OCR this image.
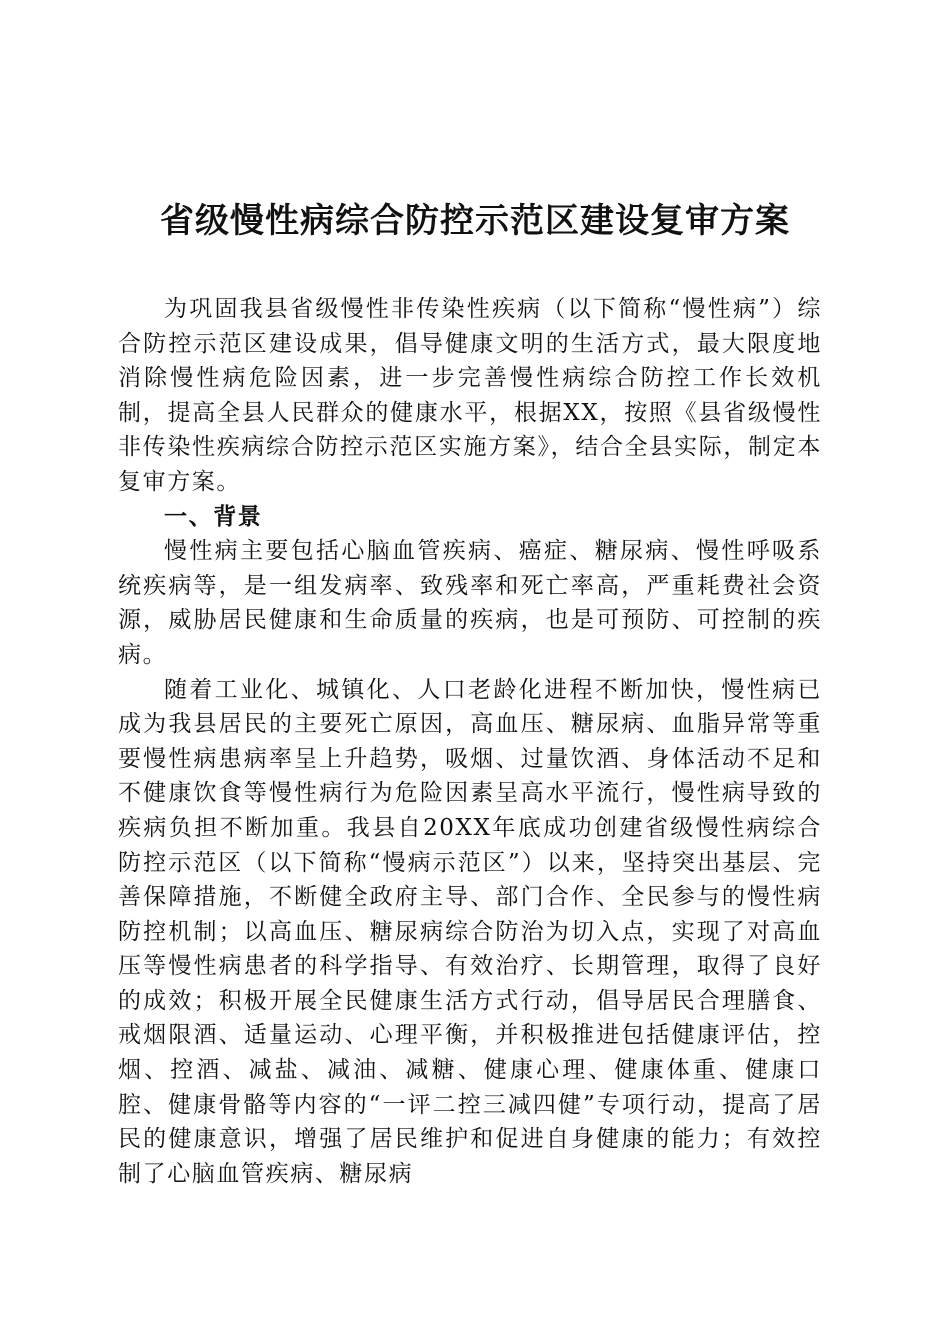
省级慢性病综合防控示范区建设复审方案

为巩固我县省级慢性非传染性疾病（以下简称“慢性病”）综合防控示范区建设成果，倡导健康文明的生活方式，最大限度地消除慢性病危险因素，进一步完善慢性病综合防控工作长效机制，提高全县人民群众的健康水平，根据XX，按照《县省级慢性非传染性疾病综合防控示范区实施方案》，结合全县实际，制定本复审方案。

一、背景

慢性病主要包括心脑血管疾病、癌症、糖尿病、慢性呼吸系统疾病等，是一组发病率、致残率和死亡率高，严重耗费社会资源，威胁居民健康和生命质量的疾病，也是可预防、可控制的疾病。

随着工业化、城镇化、人口老龄化进程不断加快，慢性病已成为我县居民的主要死亡原因，高血压、糖尿病、血脂异常等重要慢性病患病率呈上升趋势，吸烟、过量饮酒、身体活动不足和不健康饮食等慢性病行为危险因素呈高水平流行，慢性病导致的疾病负担不断加重。我县自20XX年底成功创建省级慢性病综合防控示范区（以下简称“慢病示范区”）以来，坚持突出基层、完善保障措施，不断健全政府主导、部门合作、全民参与的慢性病防控机制；以高血压、糖尿病综合防治为切入点，实现了对高血压等慢性病患者的科学指导、有效治疗、长期管理，取得了良好的成效；积极开展全民健康生活方式行动，倡导居民合理膳食、戒烟限酒、适量运动、心理平衡，并积极推进包括健康评估，控烟、控酒、减盐、减油、减糖、健康心理、健康体重、健康口腔、健康骨骼等内容的“一评二控三减四健”专项行动，提高了居民的健康意识，增强了居民维护和促进自身健康的能力；有效控制了心脑血管疾病、糖尿病
